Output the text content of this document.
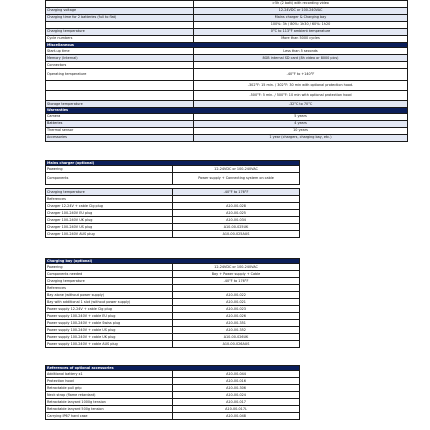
	>5h (2 batt) with recording video
Charging voltage	12-24VDC or 100-240VAC
Charging time for 2 batteries (full to flat)	Mains charger & Charging bay
	100%: 3h / 80%: 1h30 / 60%: 1h20
Charging temperature	0°C to 113°F ambient temperature
Cycle numbers	More than 5000 cycles
Miscellaneous	
Start-up time	Less than 5 seconds
Memory (Internal)	8GB internal SD card (8h video or 8000 pics)
Connectors	
Operating temperature	-40°F to +140°F
	-302°F: 15 min. / 302°F: 30 min with optional protection hood.
	-500°F: 5 min. / 500°F: 10 min with optional protection hood
Storage temperature	-32°C to 70°C
Warranties	
Camera	5 years
Batteries	4 years
Thermal sensor	10 years
Accessories	1 year (chargers, charging bay, etc.)
Mains charger (optional)	
Powering	12-24VDC or 100-240VAC
Components	Power supply + Connecting system on cable

Charging temperature	-40°F to 176°F
References	
Charger 12-24V + cable Cig plug	A10-00-028
Charger 100-240V EU plug	A10-00-025
Charger 100-240V UK plug	A10-00-034
Charger 100-240V US plug	A10-00-025UK
Charger 100-240V AUS plug	A10-00-025AUS
Charging bay (optional)	
Powering	12-24VDC or 100-240VAC
Components needed	Bay + Power supply + Cable
Charging temperature	-40°F to 176°F
References	
Bay alone (without power supply)	A10-00-022
Bay with additional 1 slot (without power supply)	A10-00-021
Power supply 12-24V + cable Cig plug	A10-00-023
Power supply 100-240V + cable EU plug	A10-00-026
Power supply 100-240V + cable Swiss plug	A10-00-351
Power supply 100-240V + cable US plug	A10-00-352
Power supply 100-240V + cable UK plug	A10-00-026UK
Power supply 100-240V + cable AUS plug	A10-00-026AUS
References of optional accessories	
Additional battery x1	A10-00-044
Protection hood	A10-00-016
Retractable pull grip	A10-00-306
Neck strap (flame retardant)	A10-00-024
Retractable lanyard 1000g tension	A10-00-017
Retractable lanyard 500g tension	A10-00-017L
Carrying IP67 hard case	A10-00-048
